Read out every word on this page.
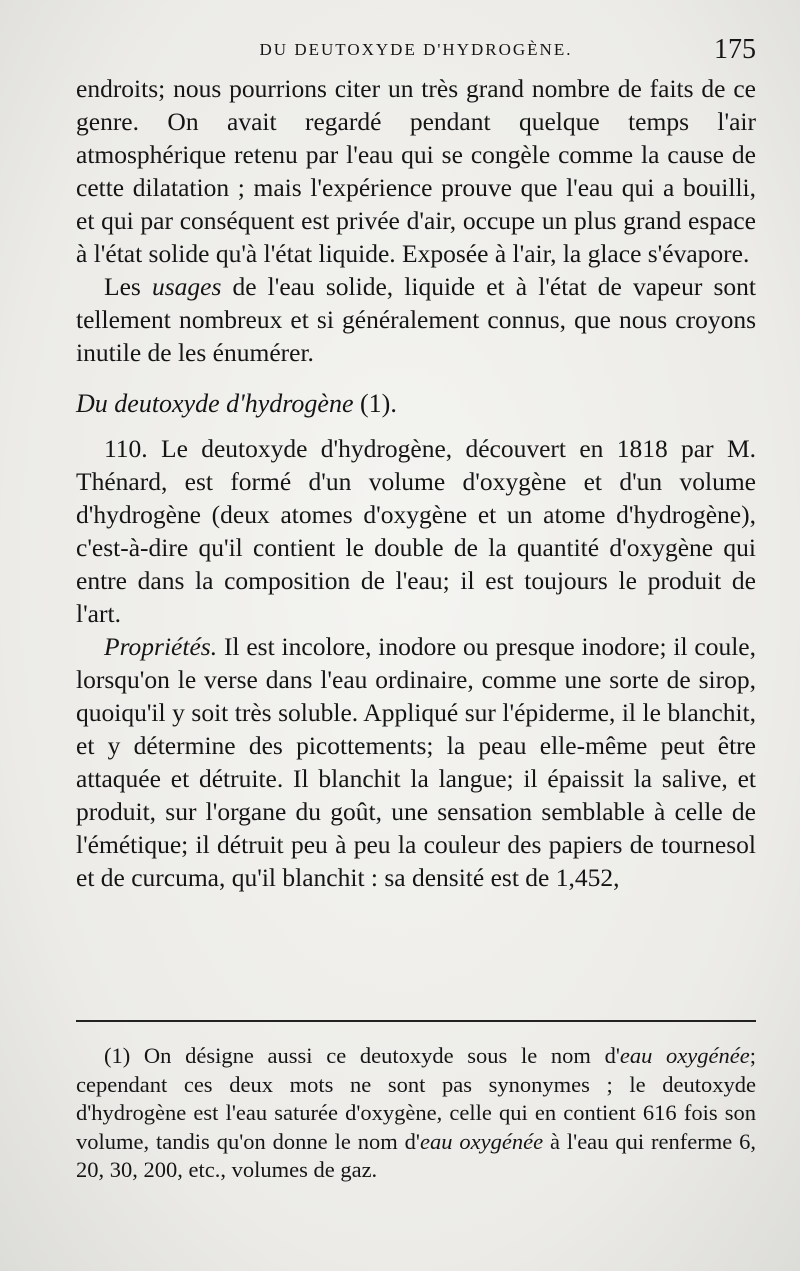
DU DEUTOXYDE D'HYDROGÈNE.	175

endroits; nous pourrions citer un très grand nombre de faits de ce genre. On avait regardé pendant quelque temps l'air atmosphérique retenu par l'eau qui se congèle comme la cause de cette dilatation ; mais l'expérience prouve que l'eau qui a bouilli, et qui par conséquent est privée d'air, occupe un plus grand espace à l'état solide qu'à l'état liquide. Exposée à l'air, la glace s'évapore.

Les usages de l'eau solide, liquide et à l'état de vapeur sont tellement nombreux et si généralement connus, que nous croyons inutile de les énumérer.

Du deutoxyde d'hydrogène (1).

110. Le deutoxyde d'hydrogène, découvert en 1818 par M. Thénard, est formé d'un volume d'oxygène et d'un volume d'hydrogène (deux atomes d'oxygène et un atome d'hydrogène), c'est-à-dire qu'il contient le double de la quantité d'oxygène qui entre dans la composition de l'eau; il est toujours le produit de l'art.

Propriétés. Il est incolore, inodore ou presque inodore; il coule, lorsqu'on le verse dans l'eau ordinaire, comme une sorte de sirop, quoiqu'il y soit très soluble. Appliqué sur l'épiderme, il le blanchit, et y détermine des picottements; la peau elle-même peut être attaquée et détruite. Il blanchit la langue; il épaissit la salive, et produit, sur l'organe du goût, une sensation semblable à celle de l'émétique; il détruit peu à peu la couleur des papiers de tournesol et de curcuma, qu'il blanchit : sa densité est de 1,452,

(1) On désigne aussi ce deutoxyde sous le nom d'eau oxygénée; cependant ces deux mots ne sont pas synonymes ; le deutoxyde d'hydrogène est l'eau saturée d'oxygène, celle qui en contient 616 fois son volume, tandis qu'on donne le nom d'eau oxygénée à l'eau qui renferme 6, 20, 30, 200, etc., volumes de gaz.
